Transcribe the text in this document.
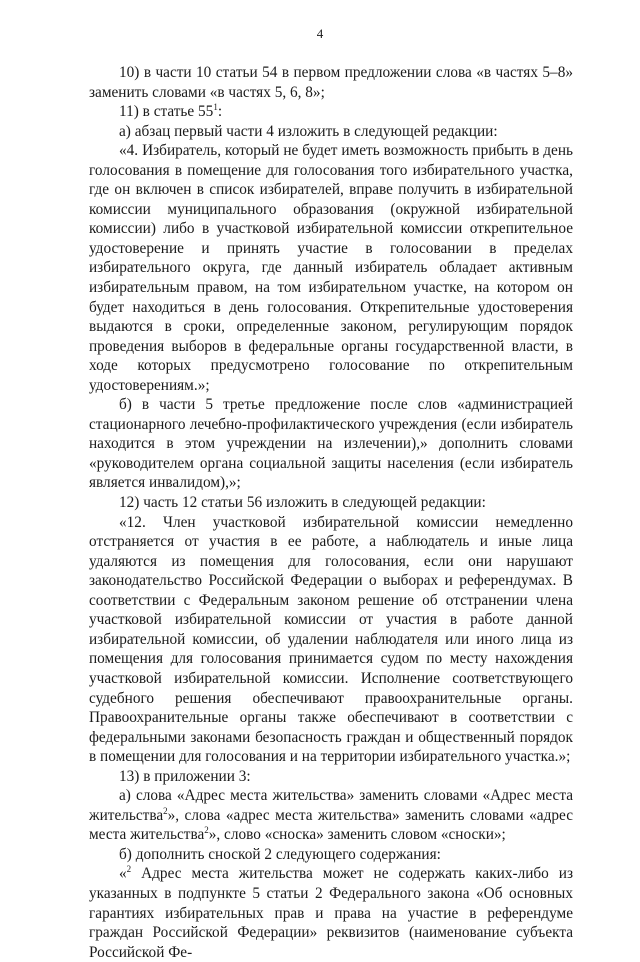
4

10) в части 10 статьи 54 в первом предложении слова «в частях 5–8» заменить словами «в частях 5, 6, 8»;

11) в статье $55^1$:

а) абзац первый части 4 изложить в следующей редакции:

«4. Избиратель, который не будет иметь возможность прибыть в день голосования в помещение для голосования того избирательного участка, где он включен в список избирателей, вправе получить в избирательной комиссии муниципального образования (окружной избирательной комиссии) либо в участковой избирательной комиссии открепительное удостоверение и принять участие в голосовании в пределах избирательного округа, где данный избиратель обладает активным избирательным правом, на том избирательном участке, на котором он будет находиться в день голосования. Открепительные удостоверения выдаются в сроки, определенные законом, регулирующим порядок проведения выборов в федеральные органы государственной власти, в ходе которых предусмотрено голосование по открепительным удостоверениям.»;

б) в части 5 третье предложение после слов «администрацией стационарного лечебно-профилактического учреждения (если избиратель находится в этом учреждении на излечении),» дополнить словами «руководителем органа социальной защиты населения (если избиратель является инвалидом),»;

12) часть 12 статьи 56 изложить в следующей редакции:

«12. Член участковой избирательной комиссии немедленно отстраняется от участия в ее работе, а наблюдатель и иные лица удаляются из помещения для голосования, если они нарушают законодательство Российской Федерации о выборах и референдумах. В соответствии с Федеральным законом решение об отстранении члена участковой избирательной комиссии от участия в работе данной избирательной комиссии, об удалении наблюдателя или иного лица из помещения для голосования принимается судом по месту нахождения участковой избирательной комиссии. Исполнение соответствующего судебного решения обеспечивают правоохранительные органы. Правоохранительные органы также обеспечивают в соответствии с федеральными законами безопасность граждан и общественный порядок в помещении для голосования и на территории избирательного участка.»;

13) в приложении 3:

а) слова «Адрес места жительства» заменить словами «Адрес места жительства$^2$», слова «адрес места жительства» заменить словами «адрес места жительства$^2$», слово «сноска» заменить словом «сноски»;

б) дополнить сноской 2 следующего содержания:

«$^2$ Адрес места жительства может не содержать каких-либо из указанных в подпункте 5 статьи 2 Федерального закона «Об основных гарантиях избирательных прав и права на участие в референдуме граждан Российской Федерации» реквизитов (наименование субъекта Российской Фе-
